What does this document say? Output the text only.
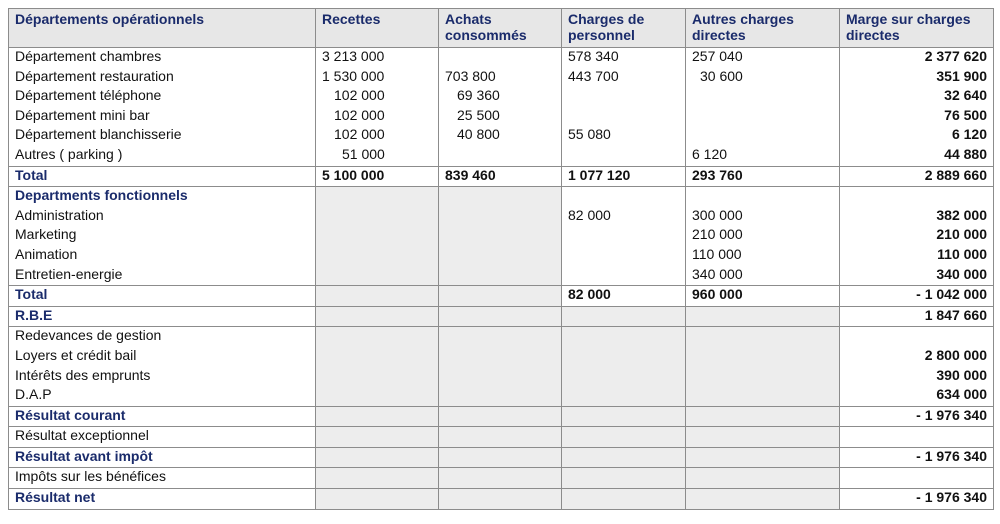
Départements opérationnels	Recettes	Achats consommés	Charges de personnel	Autres charges directes	Marge sur charges directes
Département chambres	3 213 000		578 340	257 040	2 377 620
Département restauration	1 530 000	703 800	443 700	30 600	351 900
Département téléphone	102 000	69 360			32 640
Département mini bar	102 000	25 500			76 500
Département blanchisserie	102 000	40 800	55 080		6 120
Autres ( parking )	51 000			6 120	44 880
Total	5 100 000	839 460	1 077 120	293 760	2 889 660
Departments fonctionnels					
Administration			82 000	300 000	382 000
Marketing				210 000	210 000
Animation				110 000	110 000
Entretien-energie				340 000	340 000
Total			82 000	960 000	- 1 042 000
R.B.E					1 847 660
Redevances de gestion					
Loyers et crédit bail					2 800 000
Intérêts des emprunts					390 000
D.A.P					634 000
Résultat courant					- 1 976 340
Résultat exceptionnel					
Résultat avant impôt					- 1 976 340
Impôts sur les bénéfices					
Résultat net					- 1 976 340
